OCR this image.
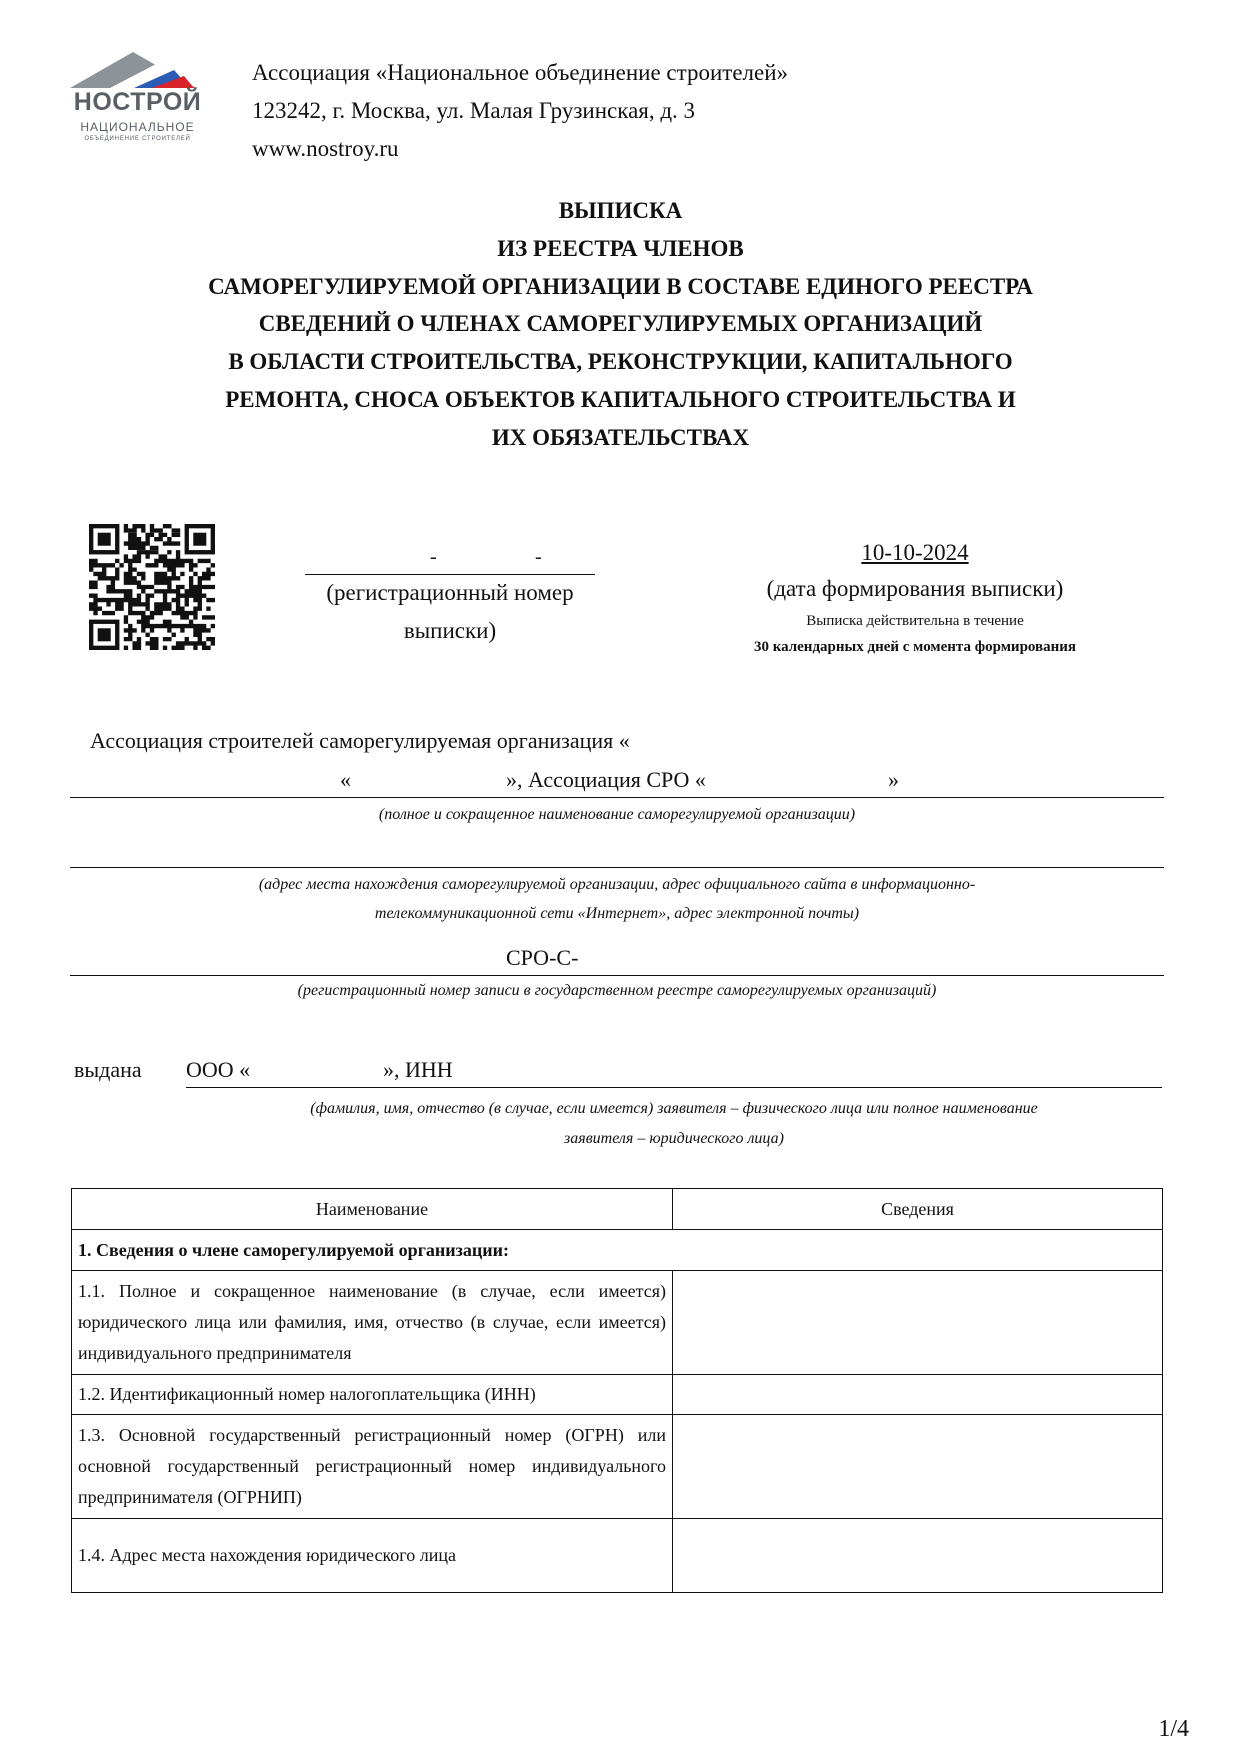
НОСТРОЙ
НАЦИОНАЛЬНОЕ
ОБЪЕДИНЕНИЕ СТРОИТЕЛЕЙ
Ассоциация «Национальное объединение строителей»
123242, г. Москва, ул. Малая Грузинская, д. 3
www.nostroy.ru
ВЫПИСКА
ИЗ РЕЕСТРА ЧЛЕНОВ
САМОРЕГУЛИРУЕМОЙ ОРГАНИЗАЦИИ В СОСТАВЕ ЕДИНОГО РЕЕСТРА
СВЕДЕНИЙ О ЧЛЕНАХ САМОРЕГУЛИРУЕМЫХ ОРГАНИЗАЦИЙ
В ОБЛАСТИ СТРОИТЕЛЬСТВА, РЕКОНСТРУКЦИИ, КАПИТАЛЬНОГО
РЕМОНТА, СНОСА ОБЪЕКТОВ КАПИТАЛЬНОГО СТРОИТЕЛЬСТВА И
ИХ ОБЯЗАТЕЛЬСТВАХ
-	-
(регистрационный номер
выписки)
10-10-2024
(дата формирования выписки)
Выписка действительна в течение
30 календарных дней с момента формирования
Ассоциация строителей саморегулируемая организация «
«	», Ассоциация СРО «	»
(полное и сокращенное наименование саморегулируемой организации)
(адрес места нахождения саморегулируемой организации, адрес официального сайта в информационно-
телекоммуникационной сети «Интернет», адрес электронной почты)
СРО-С-
(регистрационный номер записи в государственном реестре саморегулируемых организаций)
выдана ООО «	», ИНН
(фамилия, имя, отчество (в случае, если имеется) заявителя – физического лица или полное наименование
заявителя – юридического лица)
Наименование	Сведения
1. Сведения о члене саморегулируемой организации:	
1.1. Полное и сокращенное наименование (в случае, если имеется) юридического лица или фамилия, имя, отчество (в случае, если имеется) индивидуального предпринимателя	
1.2. Идентификационный номер налогоплательщика (ИНН)	
1.3. Основной государственный регистрационный номер (ОГРН) или основной государственный регистрационный номер индивидуального предпринимателя (ОГРНИП)	
1.4. Адрес места нахождения юридического лица	
1/4
